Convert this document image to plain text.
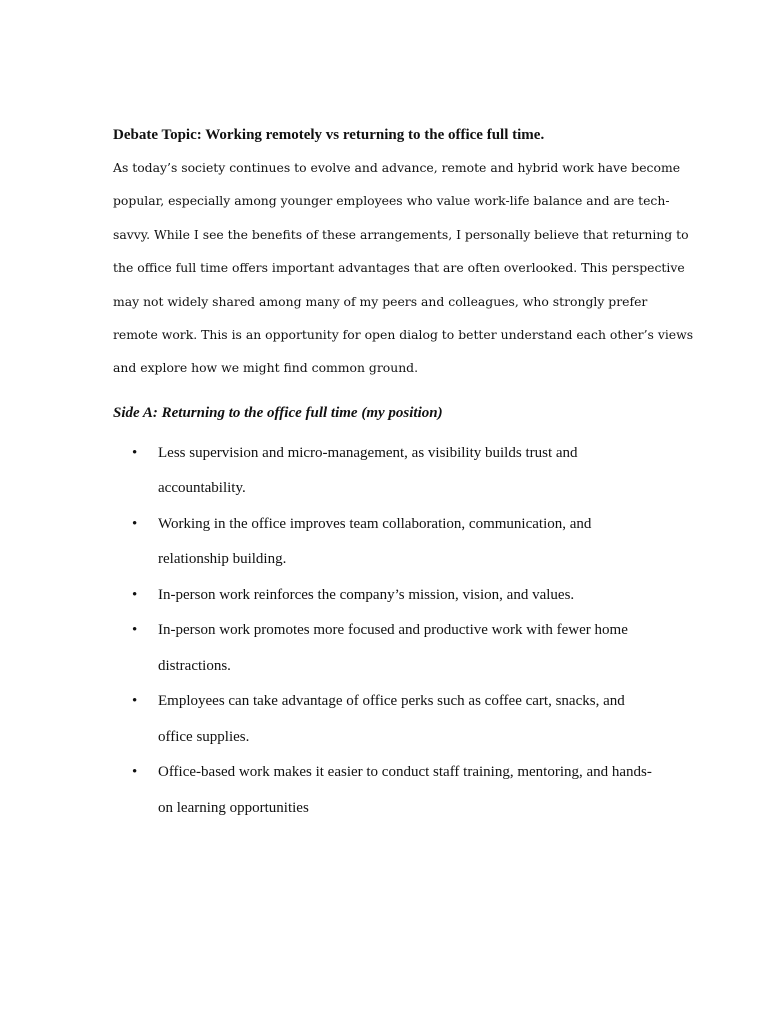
Debate Topic: Working remotely vs returning to the office full time.

As today’s society continues to evolve and advance, remote and hybrid work have become
popular, especially among younger employees who value work-life balance and are tech-
savvy. While I see the benefits of these arrangements, I personally believe that returning to
the office full time offers important advantages that are often overlooked. This perspective
may not widely shared among many of my peers and colleagues, who strongly prefer
remote work. This is an opportunity for open dialog to better understand each other’s views
and explore how we might find common ground.

Side A: Returning to the office full time (my position)
• Less supervision and micro-management, as visibility builds trust and
accountability.
• Working in the office improves team collaboration, communication, and
relationship building.
• In-person work reinforces the company’s mission, vision, and values.
• In-person work promotes more focused and productive work with fewer home
distractions.
• Employees can take advantage of office perks such as coffee cart, snacks, and
office supplies.
• Office-based work makes it easier to conduct staff training, mentoring, and hands-
on learning opportunities
